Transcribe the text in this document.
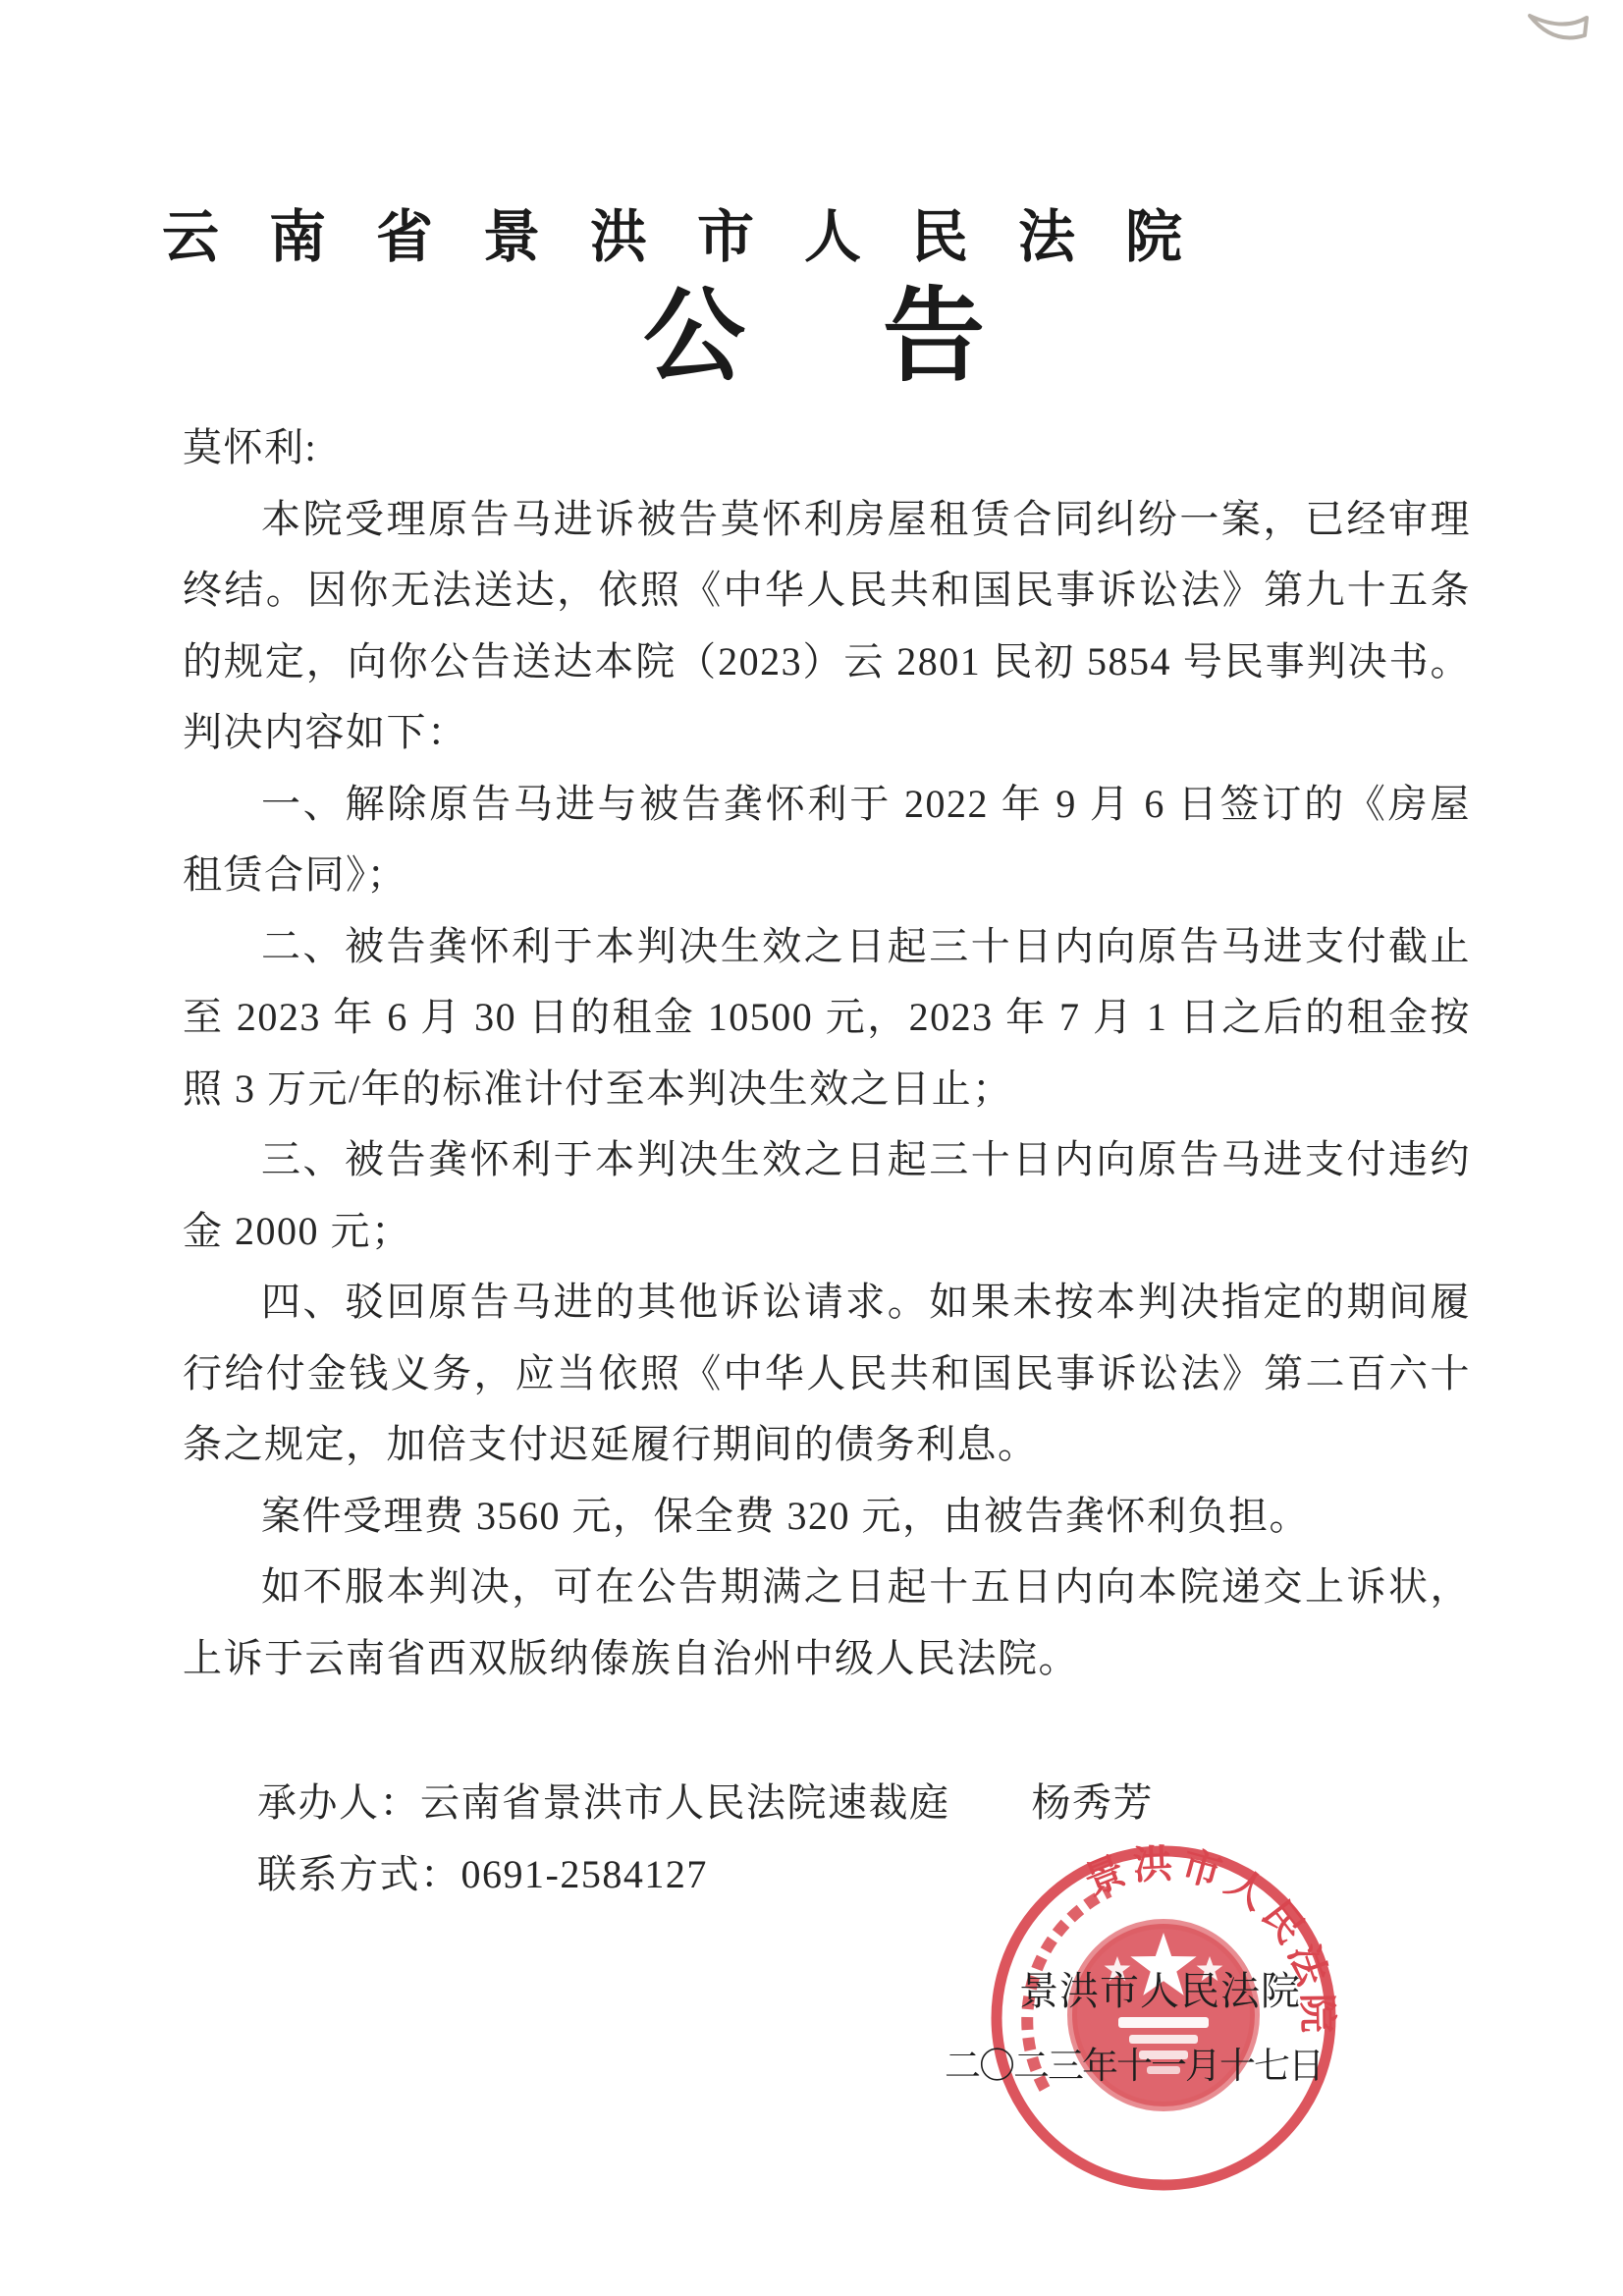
云南省景洪市人民法院
公告

莫怀利:

本院受理原告马进诉被告莫怀利房屋租赁合同纠纷一案，已经审理终结。因你无法送达，依照《中华人民共和国民事诉讼法》第九十五条的规定，向你公告送达本院（2023）云 2801 民初 5854 号民事判决书。判决内容如下：

一、解除原告马进与被告龚怀利于 2022 年 9 月 6 日签订的《房屋租赁合同》；

二、被告龚怀利于本判决生效之日起三十日内向原告马进支付截止至 2023 年 6 月 30 日的租金 10500 元，2023 年 7 月 1 日之后的租金按照 3 万元/年的标准计付至本判决生效之日止；

三、被告龚怀利于本判决生效之日起三十日内向原告马进支付违约金 2000 元；

四、驳回原告马进的其他诉讼请求。如果未按本判决指定的期间履行给付金钱义务，应当依照《中华人民共和国民事诉讼法》第二百六十条之规定，加倍支付迟延履行期间的债务利息。

案件受理费 3560 元，保全费 320 元，由被告龚怀利负担。

如不服本判决，可在公告期满之日起十五日内向本院递交上诉状，上诉于云南省西双版纳傣族自治州中级人民法院。

承办人：云南省景洪市人民法院速裁庭　　杨秀芳
联系方式：0691-2584127	景洪市人民法院
景洪市人民法院
二〇二三年十一月十七日
